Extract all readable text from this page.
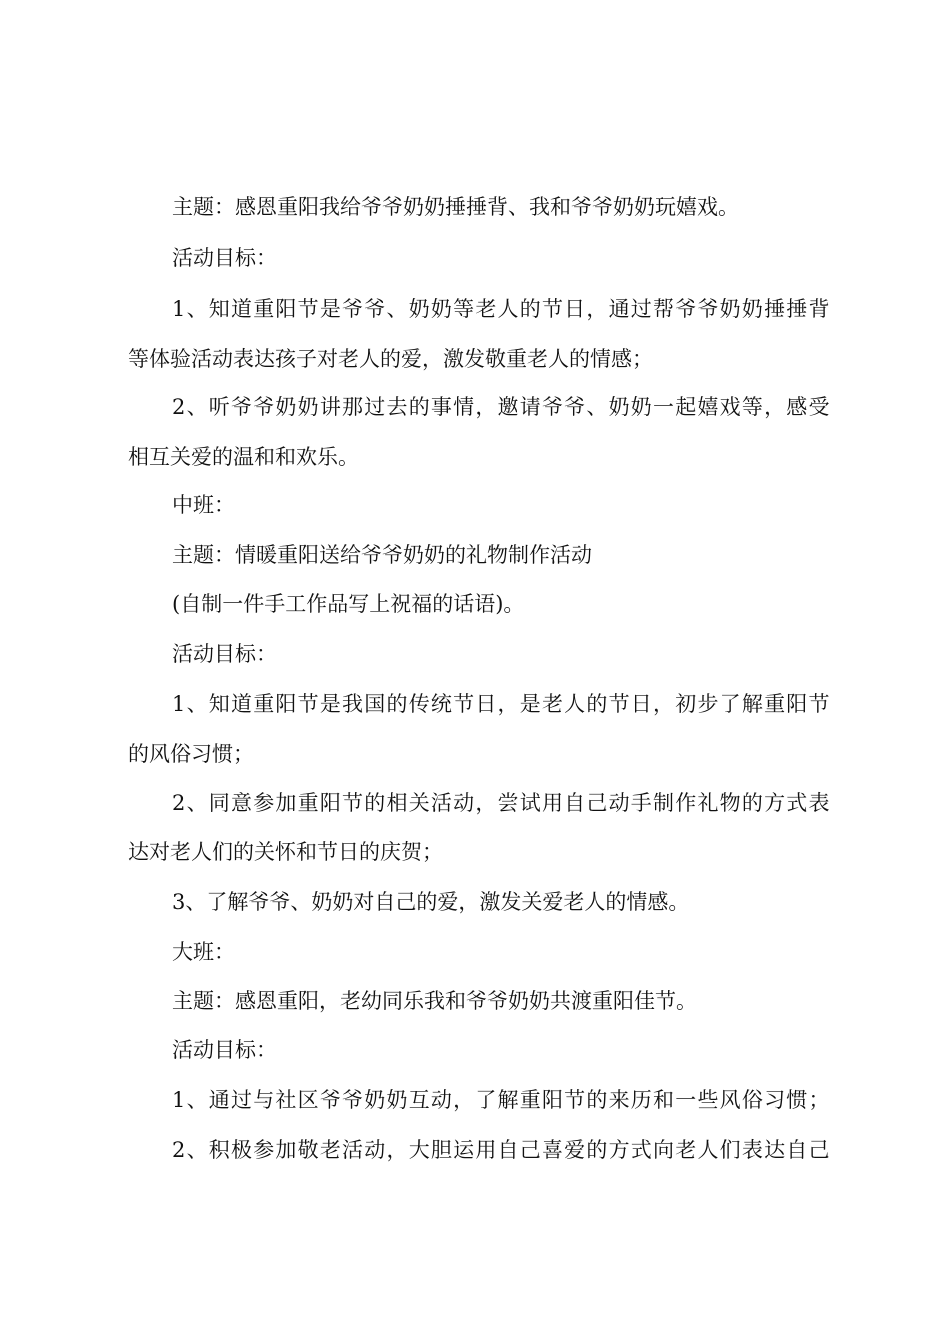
主题：感恩重阳我给爷爷奶奶捶捶背、我和爷爷奶奶玩嬉戏。
活动目标：
1、知道重阳节是爷爷、奶奶等老人的节日，通过帮爷爷奶奶捶捶背
等体验活动表达孩子对老人的爱，激发敬重老人的情感；
2、听爷爷奶奶讲那过去的事情，邀请爷爷、奶奶一起嬉戏等，感受
相互关爱的温和和欢乐。
中班：
主题：情暖重阳送给爷爷奶奶的礼物制作活动
(自制一件手工作品写上祝福的话语)。
活动目标：
1、知道重阳节是我国的传统节日，是老人的节日，初步了解重阳节
的风俗习惯；
2、同意参加重阳节的相关活动，尝试用自己动手制作礼物的方式表
达对老人们的关怀和节日的庆贺；
3、了解爷爷、奶奶对自己的爱，激发关爱老人的情感。
大班：
主题：感恩重阳，老幼同乐我和爷爷奶奶共渡重阳佳节。
活动目标：
1、通过与社区爷爷奶奶互动，了解重阳节的来历和一些风俗习惯；
2、积极参加敬老活动，大胆运用自己喜爱的方式向老人们表达自己
